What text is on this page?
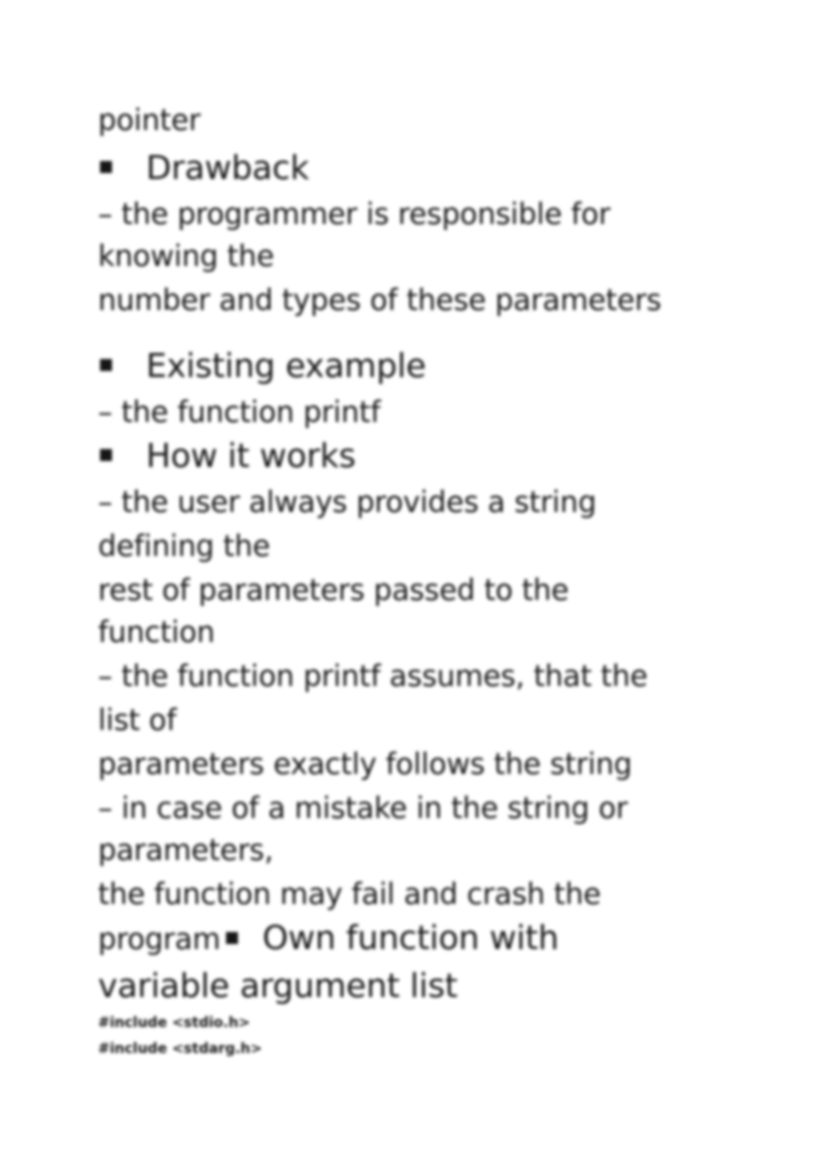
pointer
Drawback
– the programmer is responsible for
knowing the
number and types of these parameters
Existing example
– the function printf
How it works
– the user always provides a string
defining the
rest of parameters passed to the
function
– the function printf assumes, that the
list of
parameters exactly follows the string
– in case of a mistake in the string or
parameters,
the function may fail and crash the
program Own function with
variable argument list
#include <stdio.h>
#include <stdarg.h>
